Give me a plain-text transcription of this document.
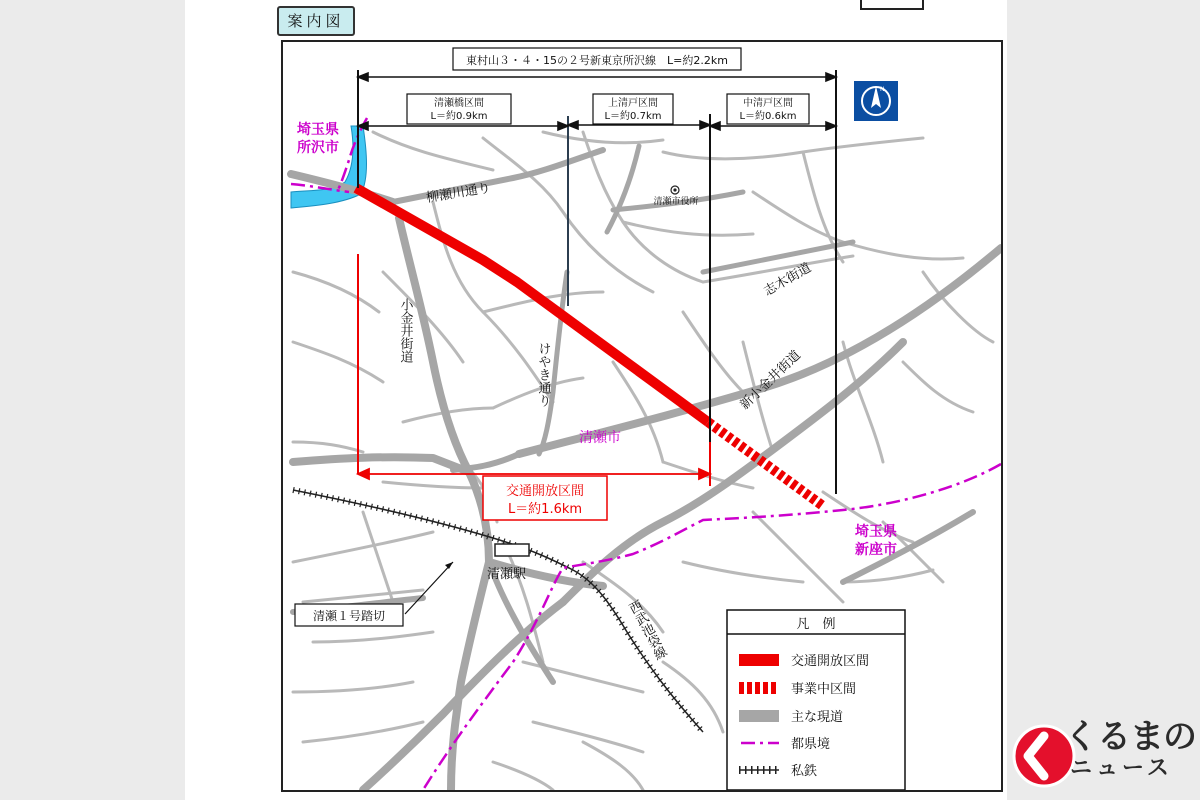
案内図
N
東村山３・４・15の２号新東京所沢線　L=約2.2km
清瀬橋区間
L＝約0.9km
上清戸区間
L＝約0.7km
中清戸区間
L＝約0.6km
交通開放区間
L＝約1.6km
埼玉県
所沢市
埼玉県
新座市
清瀬市
清瀬市役所
清瀬駅
柳瀬川通り
志木街道
新小金井街道
小金井街道
けやき通り
西武池袋線	凡　例
交通開放区間
事業中区間
主な現道
都県境
私鉄
清瀬１号踏切
くるまの
ニュース
